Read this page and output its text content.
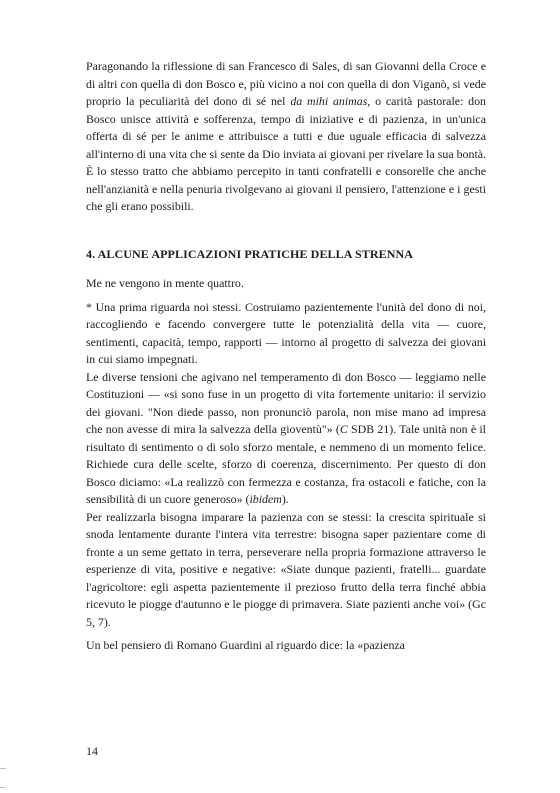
Paragonando la riflessione di san Francesco di Sales, di san Giovanni della Croce e di altri con quella di don Bosco e, più vicino a noi con quella di don Viganò, si vede proprio la peculiarità del dono di sé nel da mihi animas, o carità pastorale: don Bosco unisce attività e sofferenza, tempo di iniziative e di pazienza, in un'unica offerta di sé per le anime e attribuisce a tutti e due uguale efficacia di salvezza all'interno di una vita che si sente da Dio inviata ai giovani per rivelare la sua bontà. È lo stesso tratto che abbiamo percepito in tanti confratelli e consorelle che anche nell'anzianità e nella penuria rivolgevano ai giovani il pensiero, l'attenzione e i gesti che gli erano possibili.

4. ALCUNE APPLICAZIONI PRATICHE DELLA STRENNA

Me ne vengono in mente quattro.

* Una prima riguarda noi stessi. Costruiamo pazientemente l'unità del dono di noi, raccogliendo e facendo convergere tutte le potenzialità della vita — cuore, sentimenti, capacità, tempo, rapporti — intorno al progetto di salvezza dei giovani in cui siamo impegnati.

Le diverse tensioni che agivano nel temperamento di don Bosco — leggiamo nelle Costituzioni — «si sono fuse in un progetto di vita fortemente unitario: il servizio dei giovani. "Non diede passo, non pronunciò parola, non mise mano ad impresa che non avesse di mira la salvezza della gioventù"» (C SDB 21). Tale unità non è il risultato di sentimento o di solo sforzo mentale, e nemmeno di un momento felice. Richiede cura delle scelte, sforzo di coerenza, discernimento. Per questo di don Bosco diciamo: «La realizzò con fermezza e costanza, fra ostacoli e fatiche, con la sensibilità di un cuore generoso» (ibidem).

Per realizzarla bisogna imparare la pazienza con se stessi: la crescita spirituale si snoda lentamente durante l'intera vita terrestre: bisogna saper pazientare come di fronte a un seme gettato in terra, perseverare nella propria formazione attraverso le esperienze di vita, positive e negative: «Siate dunque pazienti, fratelli... guardate l'agricoltore: egli aspetta pazientemente il prezioso frutto della terra finché abbia ricevuto le piogge d'autunno e le piogge di primavera. Siate pazienti anche voi» (Gc 5, 7).

Un bel pensiero di Romano Guardini al riguardo dice: la «pazienza

14
